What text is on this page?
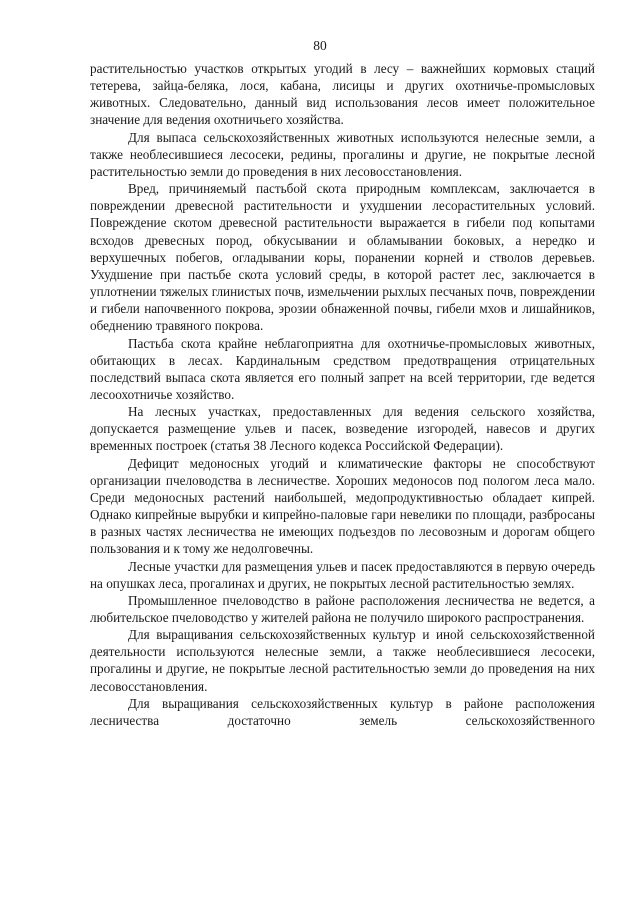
80

растительностью участков открытых угодий в лесу – важнейших кормовых стаций тетерева, зайца-беляка, лося, кабана, лисицы и других охотничье-промысловых животных. Следовательно, данный вид использования лесов имеет положительное значение для ведения охотничьего хозяйства.

Для выпаса сельскохозяйственных животных используются нелесные земли, а также необлесившиеся лесосеки, редины, прогалины и другие, не покрытые лесной растительностью земли до проведения в них лесовосстановления.

Вред, причиняемый пастьбой скота природным комплексам, заключается в повреждении древесной растительности и ухудшении лесорастительных условий. Повреждение скотом древесной растительности выражается в гибели под копытами всходов древесных пород, обкусывании и обламывании боковых, а нередко и верхушечных побегов, огладывании коры, поранении корней и стволов деревьев. Ухудшение при пастьбе скота условий среды, в которой растет лес, заключается в уплотнении тяжелых глинистых почв, измельчении рыхлых песчаных почв, повреждении и гибели напочвенного покрова, эрозии обнаженной почвы, гибели мхов и лишайников, обеднению травяного покрова.

Пастьба скота крайне неблагоприятна для охотничье-промысловых животных, обитающих в лесах. Кардинальным средством предотвращения отрицательных последствий выпаса скота является его полный запрет на всей территории, где ведется лесоохотничье хозяйство.

На лесных участках, предоставленных для ведения сельского хозяйства, допускается размещение ульев и пасек, возведение изгородей, навесов и других временных построек (статья 38 Лесного кодекса Российской Федерации).

Дефицит медоносных угодий и климатические факторы не способствуют организации пчеловодства в лесничестве. Хороших медоносов под пологом леса мало. Среди медоносных растений наибольшей, медопродуктивностью обладает кипрей. Однако кипрейные вырубки и кипрейно-паловые гари невелики по площади, разбросаны в разных частях лесничества не имеющих подъездов по лесовозным и дорогам общего пользования и к тому же недолговечны.

Лесные участки для размещения ульев и пасек предоставляются в первую очередь на опушках леса, прогалинах и других, не покрытых лесной растительностью землях.

Промышленное пчеловодство в районе расположения лесничества не ведется, а любительское пчеловодство у жителей района не получило широкого распространения.

Для выращивания сельскохозяйственных культур и иной сельскохозяйственной деятельности используются нелесные земли, а также необлесившиеся лесосеки, прогалины и другие, не покрытые лесной растительностью земли до проведения на них лесовосстановления.

Для выращивания сельскохозяйственных культур в районе расположения лесничества достаточно земель сельскохозяйственного
